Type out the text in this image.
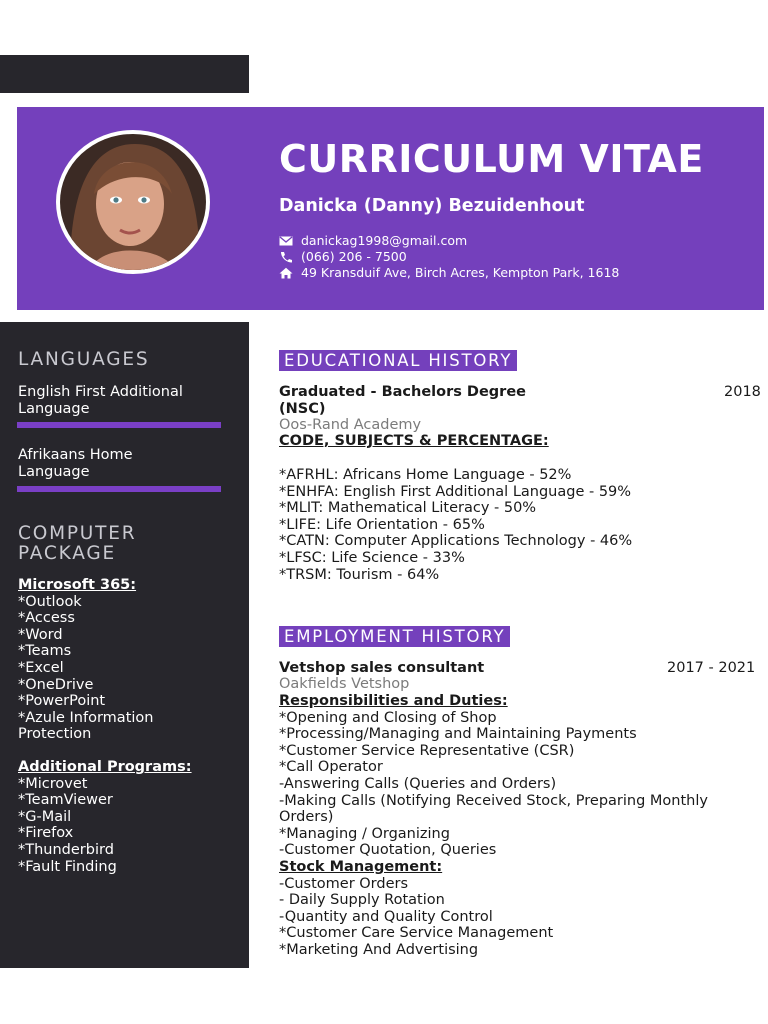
CURRICULUM VITAE
Danicka (Danny) Bezuidenhout
danickag1998@gmail.com
(066) 206 - 7500
49 Kransduif Ave, Birch Acres, Kempton Park, 1618
LANGUAGES
English First Additional
Language
Afrikaans Home
Language
COMPUTER
PACKAGE
Microsoft 365:
*Outlook
*Access
*Word
*Teams
*Excel
*OneDrive
*PowerPoint
*Azule Information
Protection
Additional Programs:
*Microvet
*TeamViewer
*G-Mail
*Firefox
*Thunderbird
*Fault Finding
EDUCATIONAL HISTORY
Graduated - Bachelors Degree
(NSC)
2018
Oos-Rand Academy
CODE, SUBJECTS & PERCENTAGE:
*AFRHL: Africans Home Language - 52%
*ENHFA: English First Additional Language - 59%
*MLIT: Mathematical Literacy - 50%
*LIFE: Life Orientation - 65%
*CATN: Computer Applications Technology - 46%
*LFSC: Life Science - 33%
*TRSM: Tourism - 64%
EMPLOYMENT HISTORY
Vetshop sales consultant	2017 - 2021
Oakfields Vetshop
Responsibilities and Duties:
*Opening and Closing of Shop
*Processing/Managing and Maintaining Payments
*Customer Service Representative (CSR)
*Call Operator
-Answering Calls (Queries and Orders)
-Making Calls (Notifying Received Stock, Preparing Monthly
Orders)
*Managing / Organizing
-Customer Quotation, Queries
Stock Management:
-Customer Orders
- Daily Supply Rotation
-Quantity and Quality Control
*Customer Care Service Management
*Marketing And Advertising
